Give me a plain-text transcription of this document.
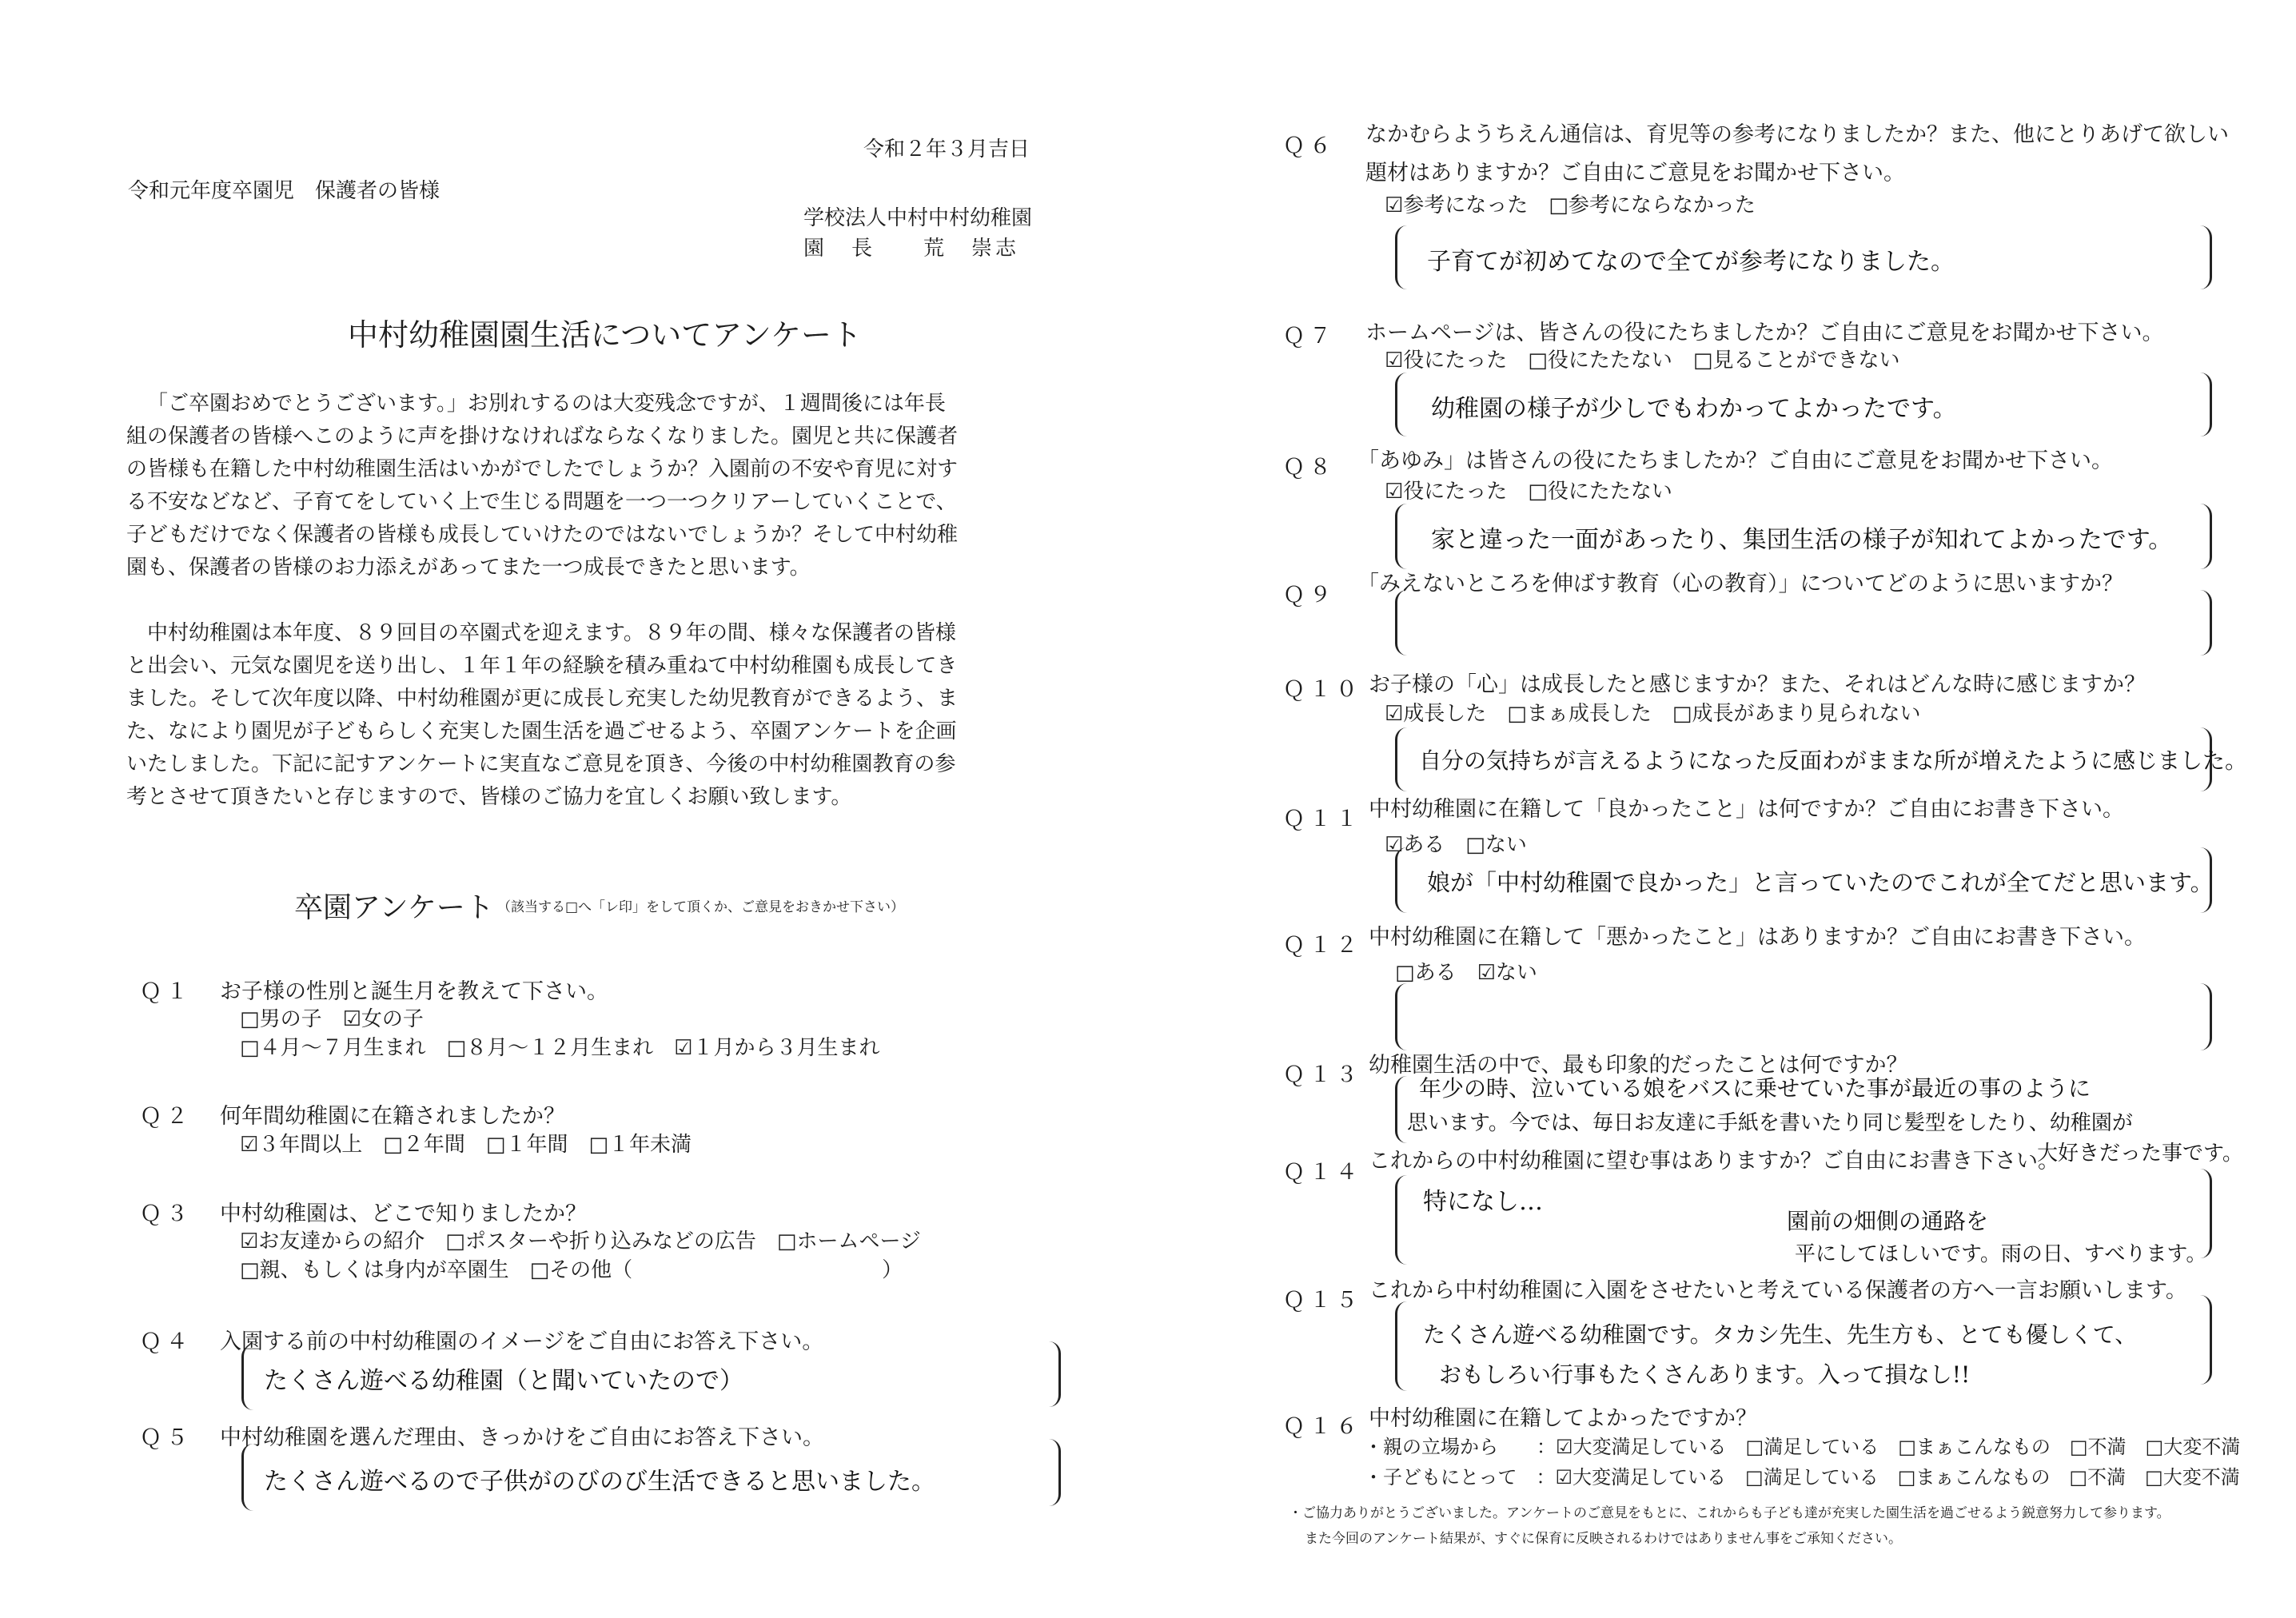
令和２年３月吉日
令和元年度卒園児　保護者の皆様
学校法人中村中村幼稚園
園　長　　荒　崇志
中村幼稚園園生活についてアンケート
「ご卒園おめでとうございます。」お別れするのは大変残念ですが、１週間後には年長組の保護者の皆様へこのように声を掛けなければならなくなりました。園児と共に保護者の皆様も在籍した中村幼稚園生活はいかがでしたでしょうか？入園前の不安や育児に対する不安などなど、子育てをしていく上で生じる問題を一つ一つクリアーしていくことで、子どもだけでなく保護者の皆様も成長していけたのではないでしょうか？そして中村幼稚園も、保護者の皆様のお力添えがあってまた一つ成長できたと思います。
中村幼稚園は本年度、８９回目の卒園式を迎えます。８９年の間、様々な保護者の皆様と出会い、元気な園児を送り出し、１年１年の経験を積み重ねて中村幼稚園も成長してきました。そして次年度以降、中村幼稚園が更に成長し充実した幼児教育ができるよう、また、なにより園児が子どもらしく充実した園生活を過ごせるよう、卒園アンケートを企画いたしました。下記に記すアンケートに実直なご意見を頂き、今後の中村幼稚園教育の参考とさせて頂きたいと存じますので、皆様のご協力を宜しくお願い致します。
卒園アンケート （該当する□へ「レ印」をして頂くか、ご意見をおきかせ下さい）
Ｑ１ お子様の性別と誕生月を教えて下さい。
□男の子　☑女の子
□４月～７月生まれ　□８月～１２月生まれ　☑１月から３月生まれ
Ｑ２ 何年間幼稚園に在籍されましたか？
☑３年間以上　□２年間　□１年間　□１年未満
Ｑ３ 中村幼稚園は、どこで知りましたか？
☑お友達からの紹介　□ポスターや折り込みなどの広告　□ホームページ
□親、もしくは身内が卒園生　□その他（　　　　　　　　　　　　）
Ｑ４ 入園する前の中村幼稚園のイメージをご自由にお答え下さい。
たくさん遊べる幼稚園（と聞いていたので）
Ｑ５ 中村幼稚園を選んだ理由、きっかけをご自由にお答え下さい。
たくさん遊べるので子供がのびのび生活できると思いました。
Ｑ６ なかむらようちえん通信は、育児等の参考になりましたか？また、他にとりあげて欲しい
題材はありますか？ご自由にご意見をお聞かせ下さい。
☑参考になった　□参考にならなかった
子育てが初めてなので全てが参考になりました。
Ｑ７ ホームページは、皆さんの役にたちましたか？ご自由にご意見をお聞かせ下さい。
☑役にたった　□役にたたない　□見ることができない
幼稚園の様子が少しでもわかってよかったです。
Ｑ８ 「あゆみ」は皆さんの役にたちましたか？ご自由にご意見をお聞かせ下さい。
☑役にたった　□役にたたない
家と違った一面があったり、集団生活の様子が知れてよかったです。
Ｑ９ 「みえないところを伸ばす教育（心の教育）」についてどのように思いますか？
Ｑ１０ お子様の「心」は成長したと感じますか？また、それはどんな時に感じますか？
☑成長した　□まぁ成長した　□成長があまり見られない
自分の気持ちが言えるようになった反面わがままな所が増えたように感じました。
Ｑ１１ 中村幼稚園に在籍して「良かったこと」は何ですか？ご自由にお書き下さい。
☑ある　□ない
娘が「中村幼稚園で良かった」と言っていたのでこれが全てだと思います。
Ｑ１２ 中村幼稚園に在籍して「悪かったこと」はありますか？ご自由にお書き下さい。
□ある　☑ない
Ｑ１３ 幼稚園生活の中で、最も印象的だったことは何ですか？
年少の時、泣いている娘をバスに乗せていた事が最近の事のように
思います。今では、毎日お友達に手紙を書いたり同じ髪型をしたり、幼稚園が
大好きだった事です。
Ｑ１４ これからの中村幼稚園に望む事はありますか？ご自由にお書き下さい。
特になし…
園前の畑側の通路を
平にしてほしいです。雨の日、すべります。
Ｑ１５ これから中村幼稚園に入園をさせたいと考えている保護者の方へ一言お願いします。
たくさん遊べる幼稚園です。タカシ先生、先生方も、とても優しくて、
おもしろい行事もたくさんあります。入って損なし!!
Ｑ１６ 中村幼稚園に在籍してよかったですか？
・親の立場から　　：☑大変満足している　□満足している　□まぁこんなもの　□不満　□大変不満
・子どもにとって　：☑大変満足している　□満足している　□まぁこんなもの　□不満　□大変不満
・ご協力ありがとうございました。アンケートのご意見をもとに、これからも子ども達が充実した園生活を過ごせるよう鋭意努力して参ります。
また今回のアンケート結果が、すぐに保育に反映されるわけではありません事をご承知ください。
